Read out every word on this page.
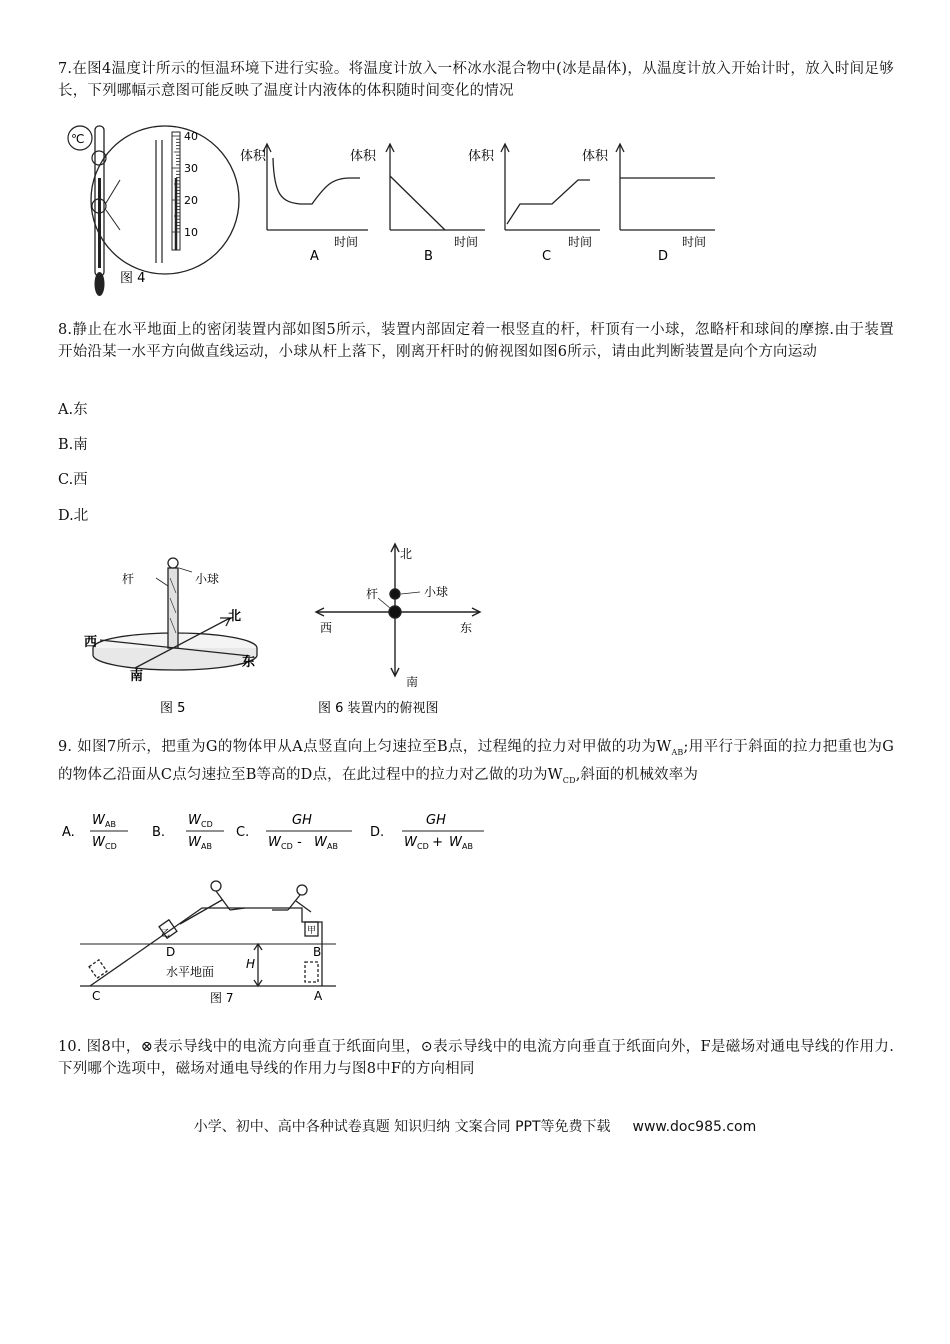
7.在图4温度计所示的恒温环境下进行实验。将温度计放入一杯冰水混合物中(冰是晶体)，从温度计放入开始计时，放入时间足够长，下列哪幅示意图可能反映了温度计内液体的体积随时间变化的情况
℃	40
30
20
10
图 4
体积
时间
A
体积
时间
B
体积
时间
C
体积
时间
D
8.静止在水平地面上的密闭装置内部如图5所示，装置内部固定着一根竖直的杆，杆顶有一小球，忽略杆和球间的摩擦.由于装置开始沿某一水平方向做直线运动，小球从杆上落下，刚离开杆时的俯视图如图6所示，请由此判断装置是向个方向运动
A.东
B.南
C.西
D.北
杆	小球
北
西
东
南
图 5
北
杆	小球
西	东
南
图 6 装置内的俯视图
9. 如图7所示，把重为G的物体甲从A点竖直向上匀速拉至B点，过程绳的拉力对甲做的功为$W_{AB}$;用平行于斜面的拉力把重也为G的物体乙沿面从C点匀速拉至B等高的D点，在此过程中的拉力对乙做的功为$W_{CD}$,斜面的机械效率为
A.
W AB
W CD
B.
W CD
W AB
C.
GH
W CD - W AB
D.
GH
W CD + W AB
乙	甲
D
C
B
A
H
水平地面
图 7
10. 图8中，⊗表示导线中的电流方向垂直于纸面向里，⊙表示导线中的电流方向垂直于纸面向外，F是磁场对通电导线的作用力.下列哪个选项中，磁场对通电导线的作用力与图8中F的方向相同
小学、初中、高中各种试卷真题 知识归纳 文案合同 PPT等免费下载 www.doc985.com
